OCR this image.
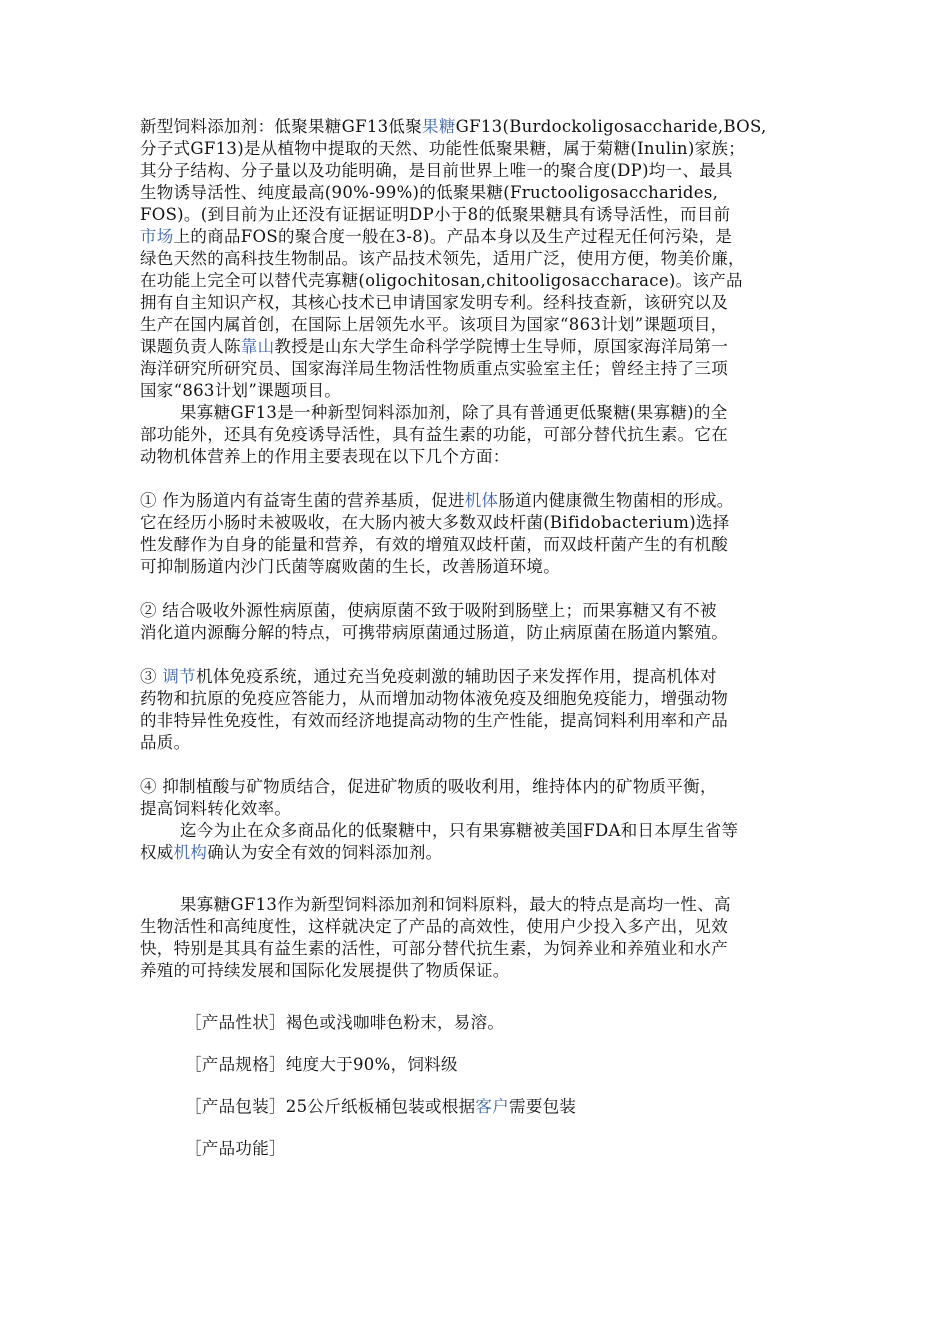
新型饲料添加剂：低聚果糖GF13低聚果糖GF13(Burdockoligosaccharide,BOS,
分子式GF13)是从植物中提取的天然、功能性低聚果糖，属于菊糖(Inulin)家族；
其分子结构、分子量以及功能明确，是目前世界上唯一的聚合度(DP)均一、最具
生物诱导活性、纯度最高(90%-99%)的低聚果糖(Fructooligosaccharides,
FOS)。(到目前为止还没有证据证明DP小于8的低聚果糖具有诱导活性，而目前
市场上的商品FOS的聚合度一般在3-8)。产品本身以及生产过程无任何污染，是
绿色天然的高科技生物制品。该产品技术领先，适用广泛，使用方便，物美价廉，
在功能上完全可以替代壳寡糖(oligochitosan,chitooligosaccharace)。该产品
拥有自主知识产权，其核心技术已申请国家发明专利。经科技查新，该研究以及
生产在国内属首创，在国际上居领先水平。该项目为国家“863计划”课题项目，
课题负责人陈靠山教授是山东大学生命科学学院博士生导师，原国家海洋局第一
海洋研究所研究员、国家海洋局生物活性物质重点实验室主任；曾经主持了三项
国家“863计划”课题项目。
果寡糖GF13是一种新型饲料添加剂，除了具有普通更低聚糖(果寡糖)的全
部功能外，还具有免疫诱导活性，具有益生素的功能，可部分替代抗生素。它在
动物机体营养上的作用主要表现在以下几个方面：
① 作为肠道内有益寄生菌的营养基质，促进机体肠道内健康微生物菌相的形成。
它在经历小肠时未被吸收，在大肠内被大多数双歧杆菌(Bifidobacterium)选择
性发酵作为自身的能量和营养，有效的增殖双歧杆菌，而双歧杆菌产生的有机酸
可抑制肠道内沙门氏菌等腐败菌的生长，改善肠道环境。
② 结合吸收外源性病原菌，使病原菌不致于吸附到肠壁上；而果寡糖又有不被
消化道内源酶分解的特点，可携带病原菌通过肠道，防止病原菌在肠道内繁殖。
③ 调节机体免疫系统，通过充当免疫刺激的辅助因子来发挥作用，提高机体对
药物和抗原的免疫应答能力，从而增加动物体液免疫及细胞免疫能力，增强动物
的非特异性免疫性，有效而经济地提高动物的生产性能，提高饲料利用率和产品
品质。
④ 抑制植酸与矿物质结合，促进矿物质的吸收利用，维持体内的矿物质平衡，
提高饲料转化效率。
迄今为止在众多商品化的低聚糖中，只有果寡糖被美国FDA和日本厚生省等
权威机构确认为安全有效的饲料添加剂。
果寡糖GF13作为新型饲料添加剂和饲料原料，最大的特点是高均一性、高
生物活性和高纯度性，这样就决定了产品的高效性，使用户少投入多产出，见效
快，特别是其具有益生素的活性，可部分替代抗生素，为饲养业和养殖业和水产
养殖的可持续发展和国际化发展提供了物质保证。
［产品性状］褐色或浅咖啡色粉末，易溶。
［产品规格］纯度大于90%，饲料级
［产品包装］25公斤纸板桶包装或根据客户需要包装
［产品功能］
